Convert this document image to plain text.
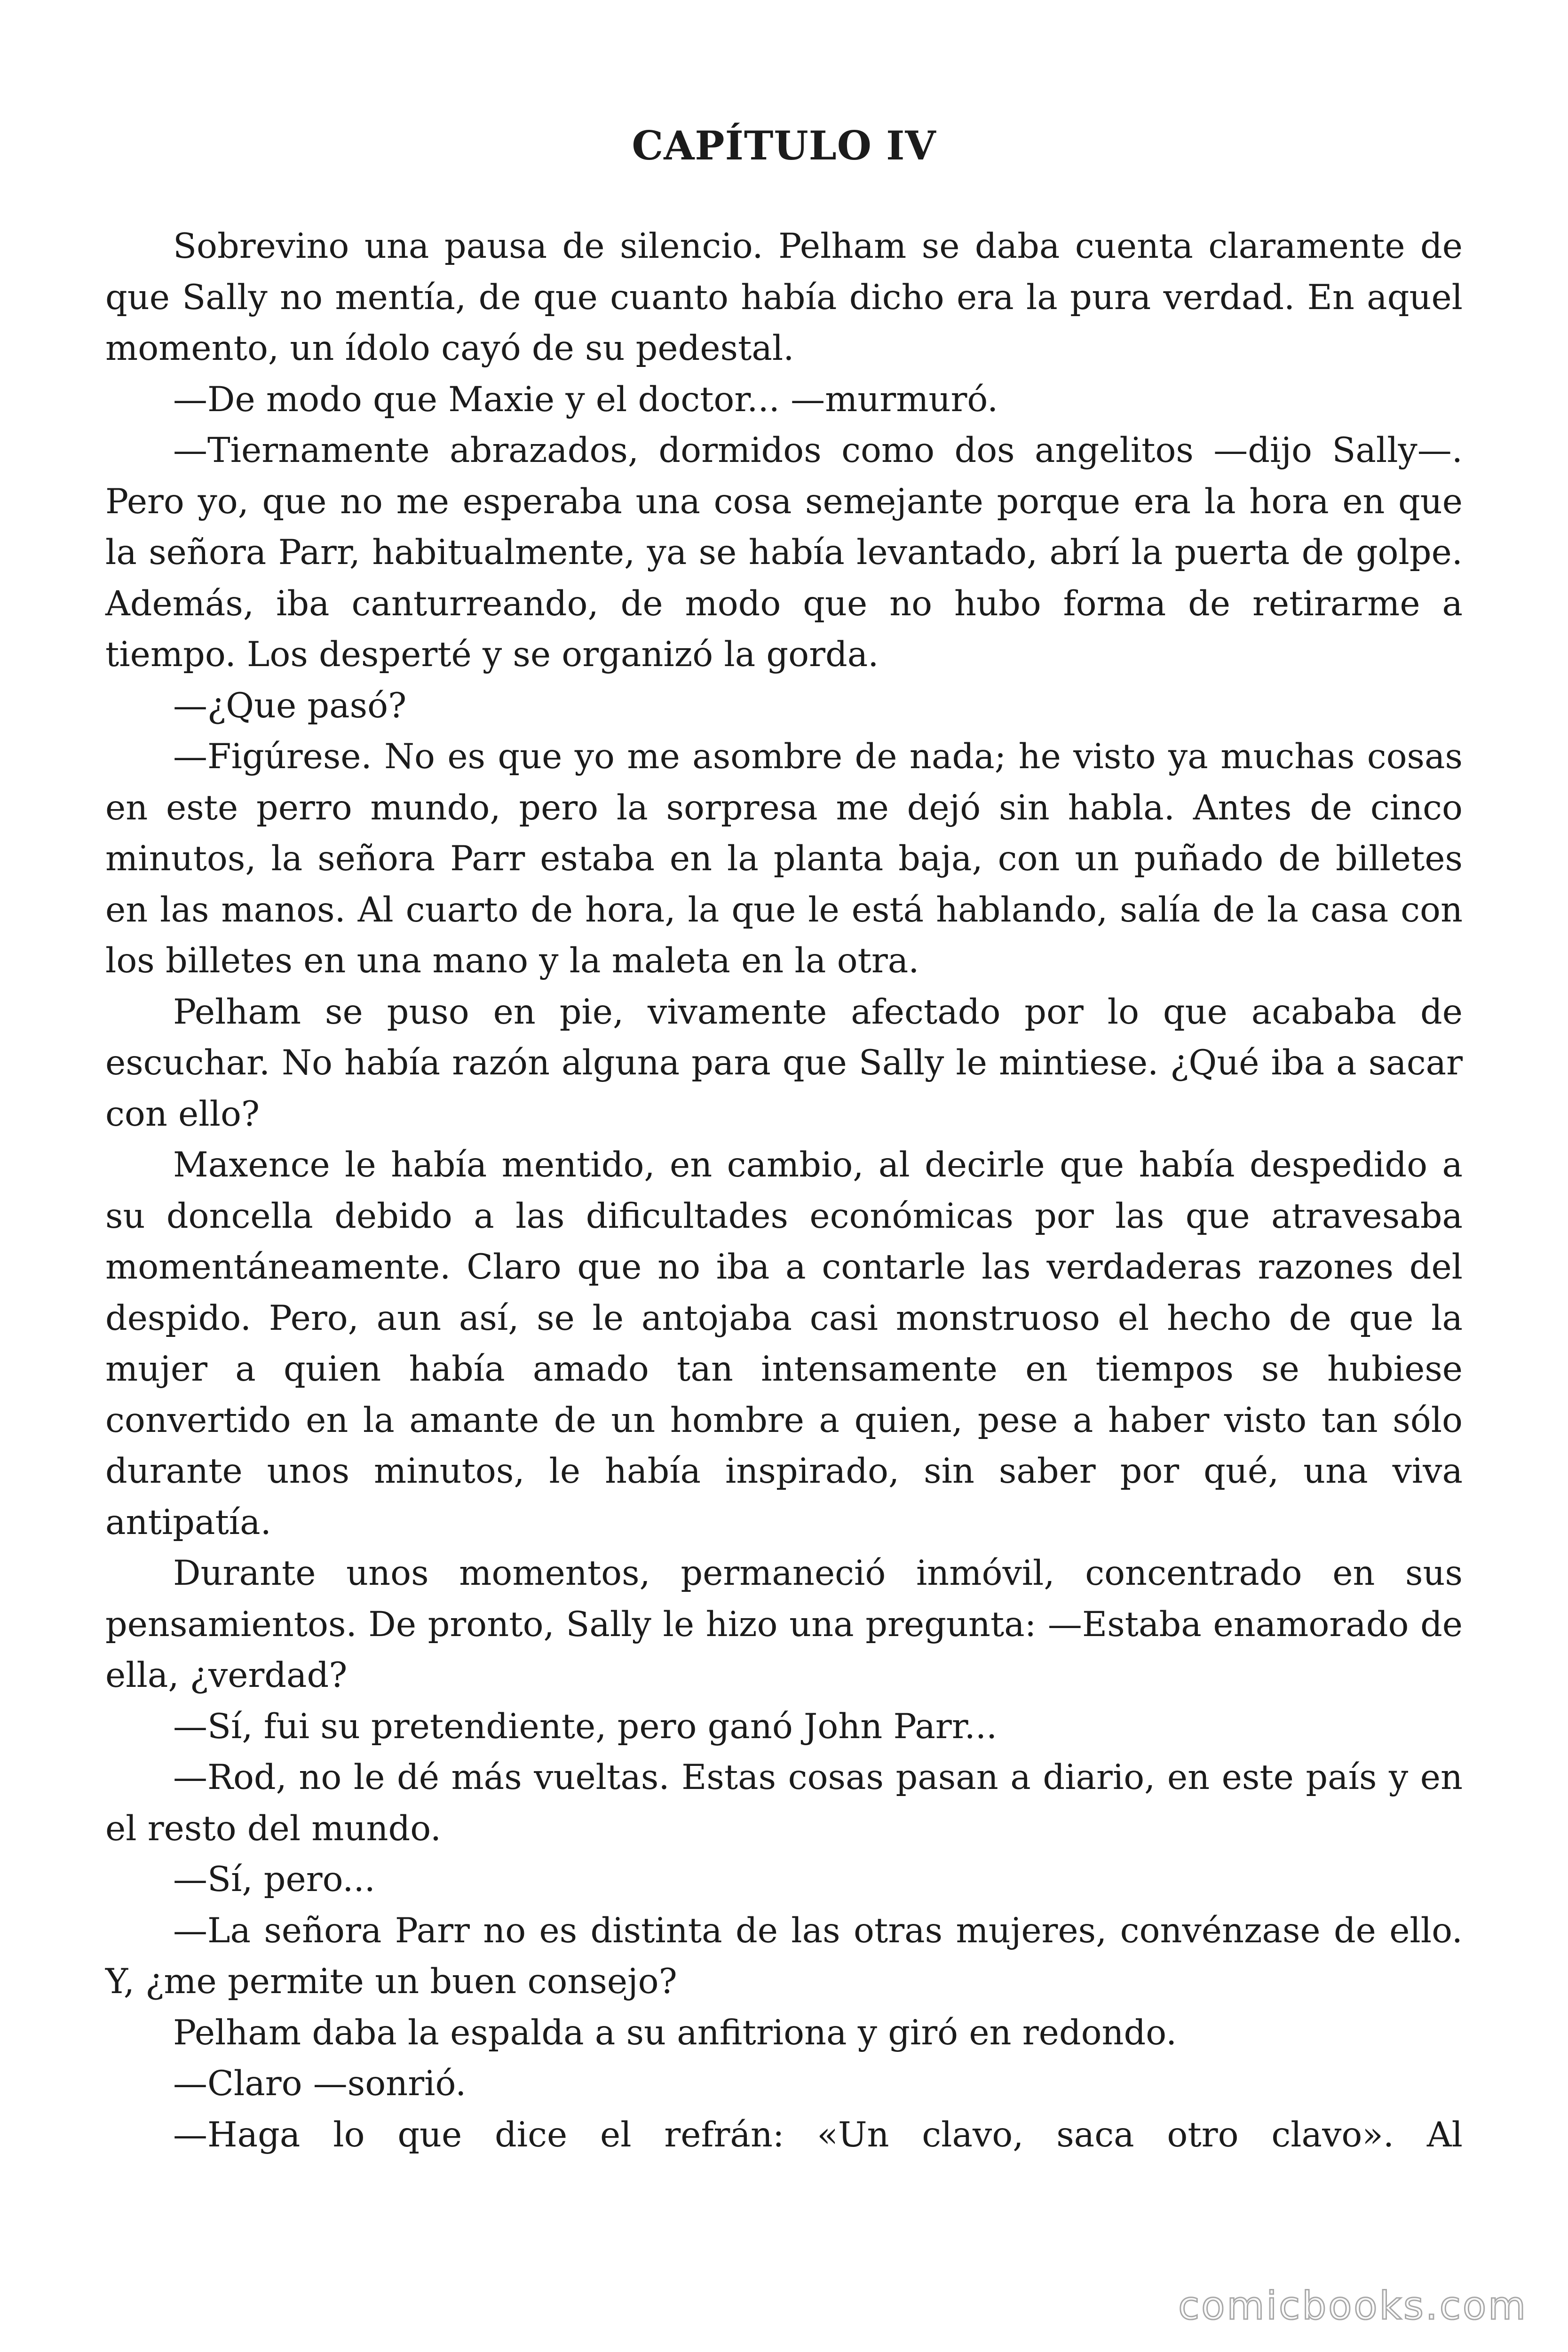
CAPÍTULO IV

Sobrevino una pausa de silencio. Pelham se daba cuenta claramente de que Sally no mentía, de que cuanto había dicho era la pura verdad. En aquel momento, un ídolo cayó de su pedestal.

—De modo que Maxie y el doctor... —murmuró.

—Tiernamente abrazados, dormidos como dos angelitos —dijo Sally—. Pero yo, que no me esperaba una cosa semejante porque era la hora en que la señora Parr, habitualmente, ya se había levantado, abrí la puerta de golpe. Además, iba canturreando, de modo que no hubo forma de retirarme a tiempo. Los desperté y se organizó la gorda.

—¿Que pasó?

—Figúrese. No es que yo me asombre de nada; he visto ya muchas cosas en este perro mundo, pero la sorpresa me dejó sin habla. Antes de cinco minutos, la señora Parr estaba en la planta baja, con un puñado de billetes en las manos. Al cuarto de hora, la que le está hablando, salía de la casa con los billetes en una mano y la maleta en la otra.

Pelham se puso en pie, vivamente afectado por lo que acababa de escuchar. No había razón alguna para que Sally le mintiese. ¿Qué iba a sacar con ello?

Maxence le había mentido, en cambio, al decirle que había despedido a su doncella debido a las dificultades económicas por las que atravesaba momentáneamente. Claro que no iba a contarle las verdaderas razones del despido. Pero, aun así, se le antojaba casi monstruoso el hecho de que la mujer a quien había amado tan intensamente en tiempos se hubiese convertido en la amante de un hombre a quien, pese a haber visto tan sólo durante unos minutos, le había inspirado, sin saber por qué, una viva antipatía.

Durante unos momentos, permaneció inmóvil, concentrado en sus pensamientos. De pronto, Sally le hizo una pregunta: —Estaba enamorado de ella, ¿verdad?

—Sí, fui su pretendiente, pero ganó John Parr...

—Rod, no le dé más vueltas. Estas cosas pasan a diario, en este país y en el resto del mundo.

—Sí, pero...

—La señora Parr no es distinta de las otras mujeres, convénzase de ello. Y, ¿me permite un buen consejo?

Pelham daba la espalda a su anfitriona y giró en redondo.

—Claro —sonrió.

—Haga lo que dice el refrán: «Un clavo, saca otro clavo». Al

comicbooks.com
